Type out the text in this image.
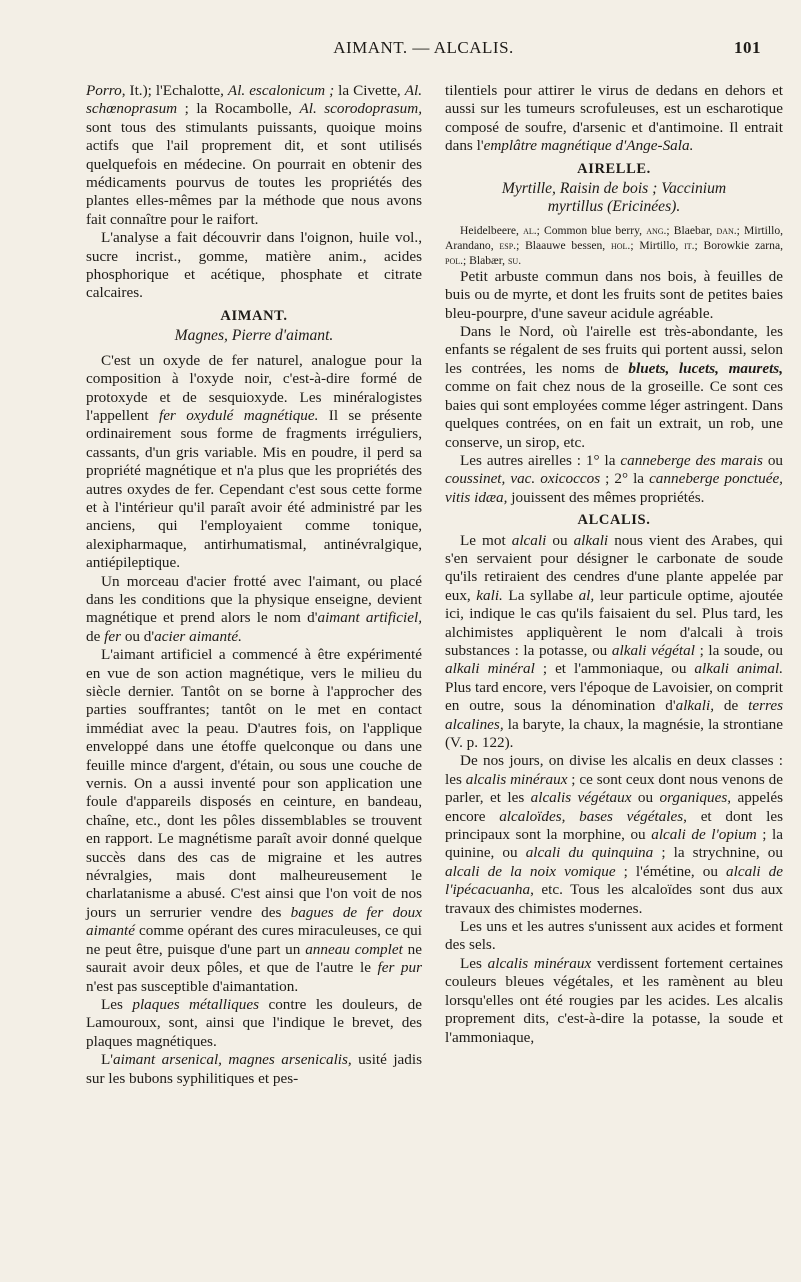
AIMANT. — ALCALIS.	101

Porro, It.); l'Echalotte, Al. escalonicum ; la Civette, Al. schœnoprasum ; la Rocambolle, Al. scorodoprasum, sont tous des stimulants puissants, quoique moins actifs que l'ail proprement dit, et sont utilisés quelquefois en médecine. On pourrait en obtenir des médicaments pourvus de toutes les propriétés des plantes elles-mêmes par la méthode que nous avons fait connaître pour le raifort.

L'analyse a fait découvrir dans l'oignon, huile vol., sucre incrist., gomme, matière anim., acides phosphorique et acétique, phosphate et citrate calcaires.

AIMANT.
Magnes, Pierre d'aimant.

C'est un oxyde de fer naturel, analogue pour la composition à l'oxyde noir, c'est-à-dire formé de protoxyde et de sesquioxyde. Les minéralogistes l'appellent fer oxydulé magnétique. Il se présente ordinairement sous forme de fragments irréguliers, cassants, d'un gris variable. Mis en poudre, il perd sa propriété magnétique et n'a plus que les propriétés des autres oxydes de fer. Cependant c'est sous cette forme et à l'intérieur qu'il paraît avoir été administré par les anciens, qui l'employaient comme tonique, alexipharmaque, antirhumatismal, antinévralgique, antiépileptique.

Un morceau d'acier frotté avec l'aimant, ou placé dans les conditions que la physique enseigne, devient magnétique et prend alors le nom d'aimant artificiel, de fer ou d'acier aimanté.

L'aimant artificiel a commencé à être expérimenté en vue de son action magnétique, vers le milieu du siècle dernier. Tantôt on se borne à l'approcher des parties souffrantes; tantôt on le met en contact immédiat avec la peau. D'autres fois, on l'applique enveloppé dans une étoffe quelconque ou dans une feuille mince d'argent, d'étain, ou sous une couche de vernis. On a aussi inventé pour son application une foule d'appareils disposés en ceinture, en bandeau, chaîne, etc., dont les pôles dissemblables se trouvent en rapport. Le magnétisme paraît avoir donné quelque succès dans des cas de migraine et les autres névralgies, mais dont malheureusement le charlatanisme a abusé. C'est ainsi que l'on voit de nos jours un serrurier vendre des bagues de fer doux aimanté comme opérant des cures miraculeuses, ce qui ne peut être, puisque d'une part un anneau complet ne saurait avoir deux pôles, et que de l'autre le fer pur n'est pas susceptible d'aimantation.

Les plaques métalliques contre les douleurs, de Lamouroux, sont, ainsi que l'indique le brevet, des plaques magnétiques.

L'aimant arsenical, magnes arsenicalis, usité jadis sur les bubons syphilitiques et pes-

tilentiels pour attirer le virus de dedans en dehors et aussi sur les tumeurs scrofuleuses, est un escharotique composé de soufre, d'arsenic et d'antimoine. Il entrait dans l'emplâtre magnétique d'Ange-Sala.

AIRELLE.
Myrtille, Raisin de bois ; Vaccinium
myrtillus (Ericinées).

Heidelbeere, al.; Common blue berry, ang.; Blaebar, dan.; Mirtillo, Arandano, esp.; Blaauwe bessen, hol.; Mirtillo, it.; Borowkie zarna, pol.; Blabær, su.

Petit arbuste commun dans nos bois, à feuilles de buis ou de myrte, et dont les fruits sont de petites baies bleu-pourpre, d'une saveur acidule agréable.

Dans le Nord, où l'airelle est très-abondante, les enfants se régalent de ses fruits qui portent aussi, selon les contrées, les noms de bluets, lucets, maurets, comme on fait chez nous de la groseille. Ce sont ces baies qui sont employées comme léger astringent. Dans quelques contrées, on en fait un extrait, un rob, une conserve, un sirop, etc.

Les autres airelles : 1° la canneberge des marais ou coussinet, vac. oxicoccos ; 2° la canneberge ponctuée, vitis idæa, jouissent des mêmes propriétés.

ALCALIS.

Le mot alcali ou alkali nous vient des Arabes, qui s'en servaient pour désigner le carbonate de soude qu'ils retiraient des cendres d'une plante appelée par eux, kali. La syllabe al, leur particule optime, ajoutée ici, indique le cas qu'ils faisaient du sel. Plus tard, les alchimistes appliquèrent le nom d'alcali à trois substances : la potasse, ou alkali végétal ; la soude, ou alkali minéral ; et l'ammoniaque, ou alkali animal. Plus tard encore, vers l'époque de Lavoisier, on comprit en outre, sous la dénomination d'alkali, de terres alcalines, la baryte, la chaux, la magnésie, la strontiane (V. p. 122).

De nos jours, on divise les alcalis en deux classes : les alcalis minéraux ; ce sont ceux dont nous venons de parler, et les alcalis végétaux ou organiques, appelés encore alcaloïdes, bases végétales, et dont les principaux sont la morphine, ou alcali de l'opium ; la quinine, ou alcali du quinquina ; la strychnine, ou alcali de la noix vomique ; l'émétine, ou alcali de l'ipécacuanha, etc. Tous les alcaloïdes sont dus aux travaux des chimistes modernes.

Les uns et les autres s'unissent aux acides et forment des sels.

Les alcalis minéraux verdissent fortement certaines couleurs bleues végétales, et les ramènent au bleu lorsqu'elles ont été rougies par les acides. Les alcalis proprement dits, c'est-à-dire la potasse, la soude et l'ammoniaque,
